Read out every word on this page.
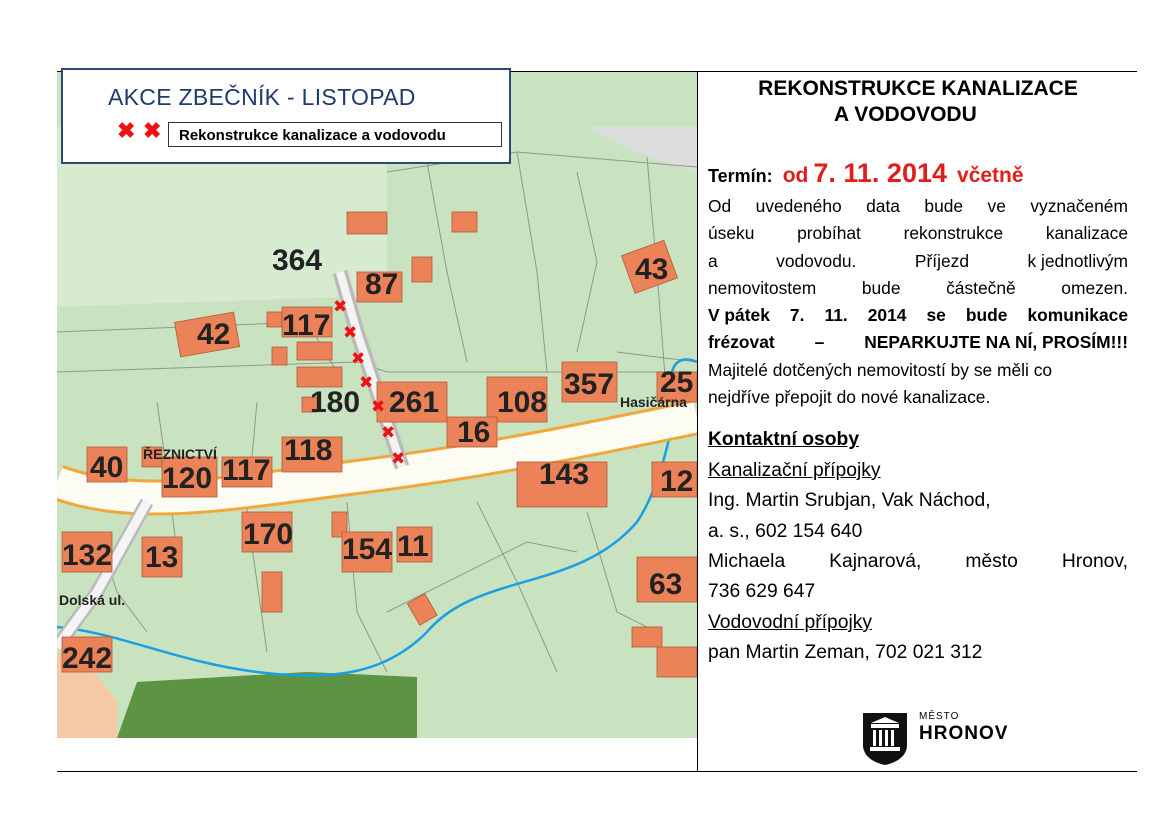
✖
✖
✖
✖
✖
✖
✖
364
87	43
42 117
180 261 108
357 25
16
40 120 117
118
143 12
132 13
170 154 11
63
242
ŘEZNICTVÍ
Hasičárna
Dolská ul.
AKCE ZBEČNÍK - LISTOPAD
✖ ✖	Rekonstrukce kanalizace a vodovodu
REKONSTRUKCE KANALIZACE
A VODOVODU
Termín: od 7. 11. 2014 včetně
Od uvedeného data bude ve vyznačeném
úseku probíhat rekonstrukce kanalizace
a	vodovodu.	Příjezd	k jednotlivým
nemovitostem	bude	částečně	omezen.
V pátek 7. 11. 2014 se bude komunikace
frézovat – NEPARKUJTE NA NÍ, PROSÍM!!!
Majitelé dotčených nemovitostí by se měli co
nejdříve přepojit do nové kanalizace.
Kontaktní osoby
Kanalizační přípojky
Ing. Martin Srubjan, Vak Náchod,
a. s., 602 154 640
Michaela Kajnarová, město Hronov,
736 629 647
Vodovodní přípojky
pan Martin Zeman, 702 021 312
MĚSTO
HRONOV
